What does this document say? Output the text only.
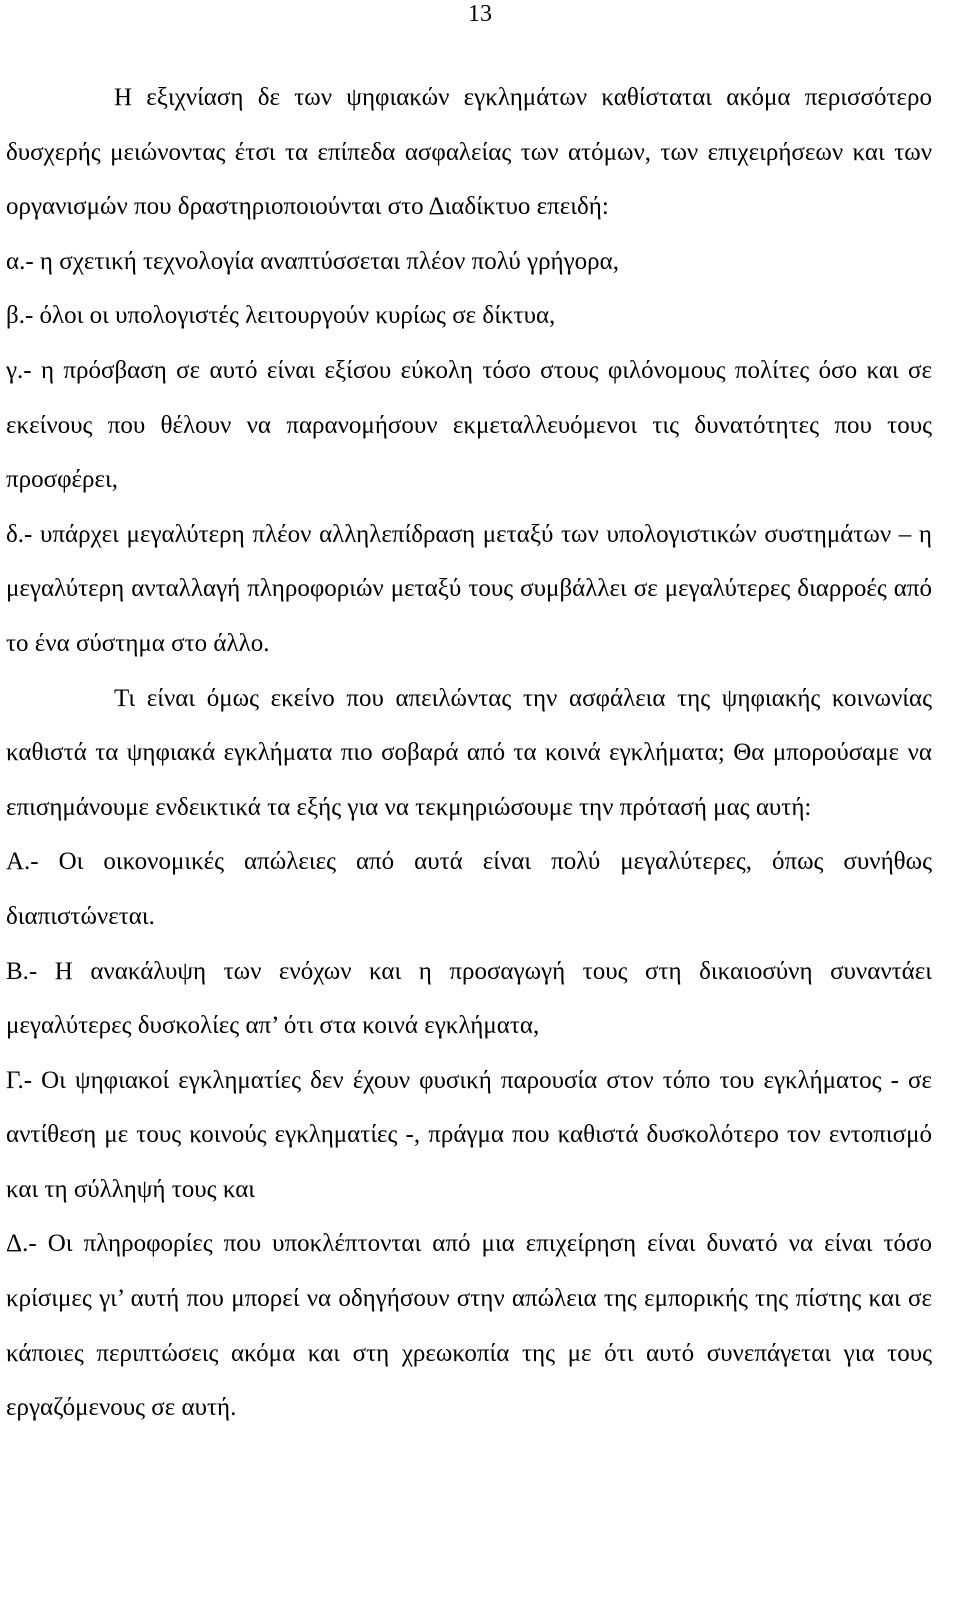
13

Η εξιχνίαση δε των ψηφιακών εγκλημάτων καθίσταται ακόμα περισσότερο δυσχερής μειώνοντας έτσι τα επίπεδα ασφαλείας των ατόμων, των επιχειρήσεων και των οργανισμών που δραστηριοποιούνται στο Διαδίκτυο επειδή:

α.- η σχετική τεχνολογία αναπτύσσεται πλέον πολύ γρήγορα,

β.- όλοι οι υπολογιστές λειτουργούν κυρίως σε δίκτυα,

γ.- η πρόσβαση σε αυτό είναι εξίσου εύκολη τόσο στους φιλόνομους πολίτες όσο και σε εκείνους που θέλουν να παρανομήσουν εκμεταλλευόμενοι τις δυνατότητες που τους προσφέρει,

δ.- υπάρχει μεγαλύτερη πλέον αλληλεπίδραση μεταξύ των υπολογιστικών συστημάτων – η μεγαλύτερη ανταλλαγή πληροφοριών μεταξύ τους συμβάλλει σε μεγαλύτερες διαρροές από το ένα σύστημα στο άλλο.

Τι είναι όμως εκείνο που απειλώντας την ασφάλεια της ψηφιακής κοινωνίας καθιστά τα ψηφιακά εγκλήματα πιο σοβαρά από τα κοινά εγκλήματα; Θα μπορούσαμε να επισημάνουμε ενδεικτικά τα εξής για να τεκμηριώσουμε την πρότασή μας αυτή:

Α.- Οι οικονομικές απώλειες από αυτά είναι πολύ μεγαλύτερες, όπως συνήθως διαπιστώνεται.

Β.- Η ανακάλυψη των ενόχων και η προσαγωγή τους στη δικαιοσύνη συναντάει μεγαλύτερες δυσκολίες απ’ ότι στα κοινά εγκλήματα,

Γ.- Οι ψηφιακοί εγκληματίες δεν έχουν φυσική παρουσία στον τόπο του εγκλήματος - σε αντίθεση με τους κοινούς εγκληματίες -, πράγμα που καθιστά δυσκολότερο τον εντοπισμό και τη σύλληψή τους και

Δ.- Οι πληροφορίες που υποκλέπτονται από μια επιχείρηση είναι δυνατό να είναι τόσο κρίσιμες γι’ αυτή που μπορεί να οδηγήσουν στην απώλεια της εμπορικής της πίστης και σε κάποιες περιπτώσεις ακόμα και στη χρεωκοπία της με ότι αυτό συνεπάγεται για τους εργαζόμενους σε αυτή.
